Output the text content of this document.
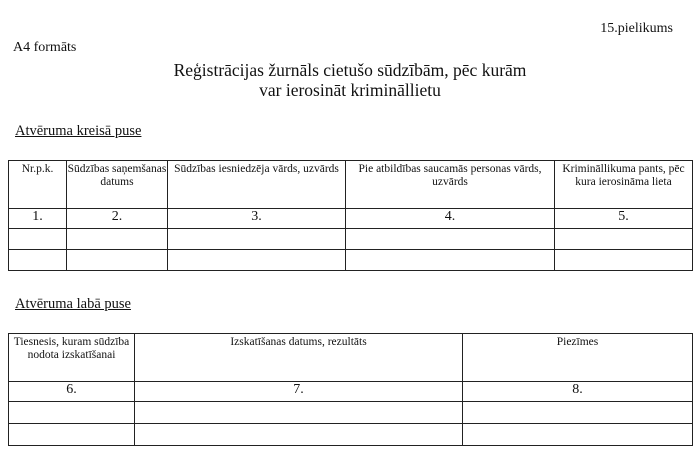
15.pielikums
A4 formāts
Reģistrācijas žurnāls cietušo sūdzībām, pēc kurām
var ierosināt krimināllietu
Atvēruma kreisā puse
Nr.p.k.	Sūdzības saņemšanas datums	Sūdzības iesniedzēja vārds, uzvārds	Pie atbildības saucamās personas vārds, uzvārds	Krimināllikuma pants, pēc kura ierosināma lieta
1.	2.	3.	4.	5.

Atvēruma labā puse
Tiesnesis, kuram sūdzība nodota izskatīšanai	Izskatīšanas datums, rezultāts	Piezīmes
6.	7.	8.
